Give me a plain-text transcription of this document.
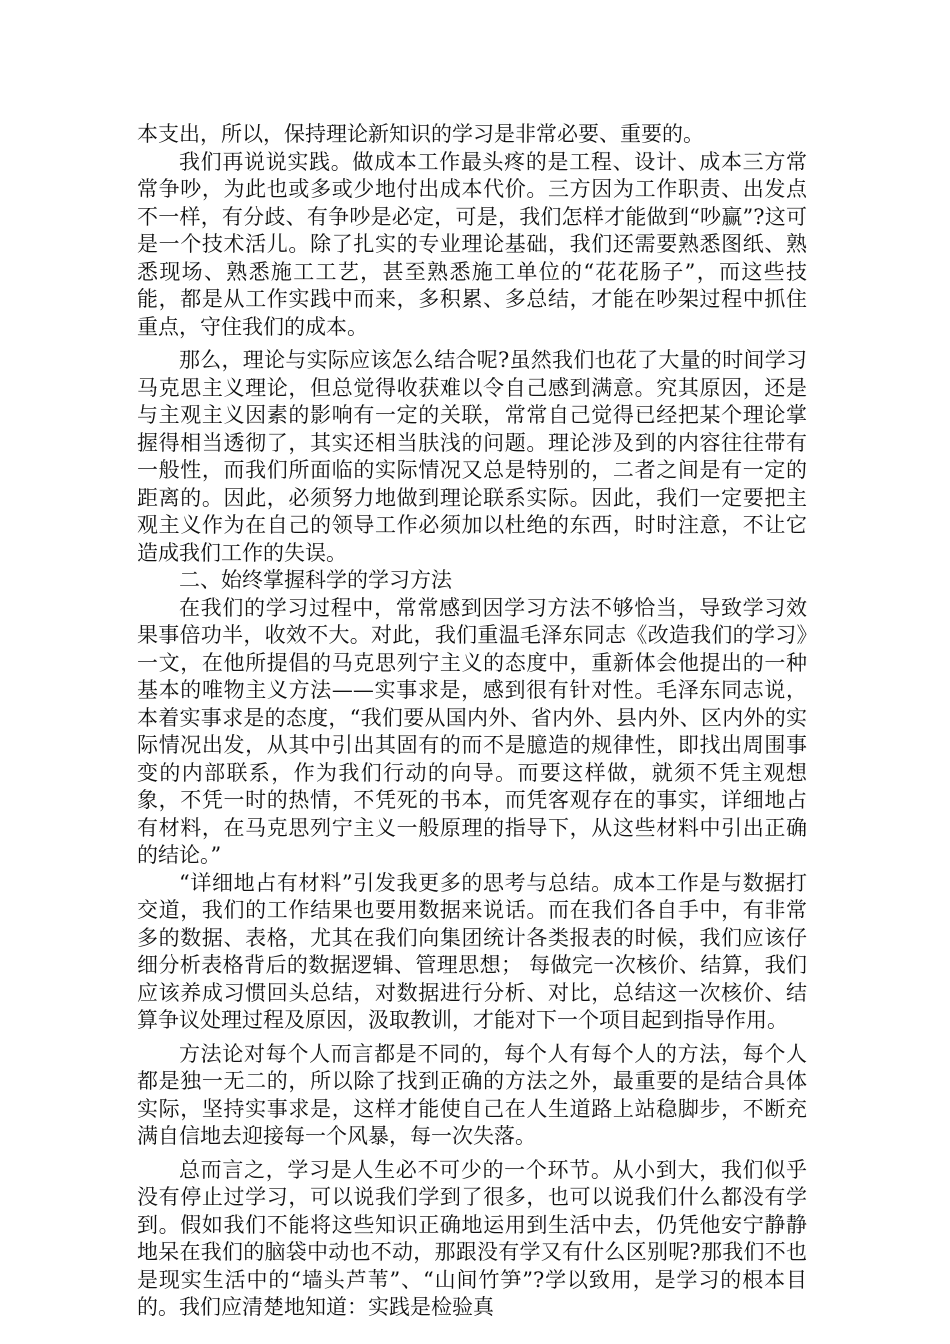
本支出，所以，保持理论新知识的学习是非常必要、重要的。

我们再说说实践。做成本工作最头疼的是工程、设计、成本三方常常争吵，为此也或多或少地付出成本代价。三方因为工作职责、出发点不一样，有分歧、有争吵是必定，可是，我们怎样才能做到“吵赢”?这可是一个技术活儿。除了扎实的专业理论基础，我们还需要熟悉图纸、熟悉现场、熟悉施工工艺，甚至熟悉施工单位的“花花肠子”，而这些技能，都是从工作实践中而来，多积累、多总结，才能在吵架过程中抓住重点，守住我们的成本。

那么，理论与实际应该怎么结合呢?虽然我们也花了大量的时间学习马克思主义理论，但总觉得收获难以令自己感到满意。究其原因，还是与主观主义因素的影响有一定的关联，常常自己觉得已经把某个理论掌握得相当透彻了，其实还相当肤浅的问题。理论涉及到的内容往往带有一般性，而我们所面临的实际情况又总是特别的，二者之间是有一定的距离的。因此，必须努力地做到理论联系实际。因此，我们一定要把主观主义作为在自己的领导工作必须加以杜绝的东西，时时注意，不让它造成我们工作的失误。

二、始终掌握科学的学习方法

在我们的学习过程中，常常感到因学习方法不够恰当，导致学习效果事倍功半，收效不大。对此，我们重温毛泽东同志《改造我们的学习》一文，在他所提倡的马克思列宁主义的态度中，重新体会他提出的一种基本的唯物主义方法——实事求是，感到很有针对性。毛泽东同志说，本着实事求是的态度，“我们要从国内外、省内外、县内外、区内外的实际情况出发，从其中引出其固有的而不是臆造的规律性，即找出周围事变的内部联系，作为我们行动的向导。而要这样做，就须不凭主观想象，不凭一时的热情，不凭死的书本，而凭客观存在的事实，详细地占有材料，在马克思列宁主义一般原理的指导下，从这些材料中引出正确的结论。”

“详细地占有材料”引发我更多的思考与总结。成本工作是与数据打交道，我们的工作结果也要用数据来说话。而在我们各自手中，有非常多的数据、表格，尤其在我们向集团统计各类报表的时候，我们应该仔细分析表格背后的数据逻辑、管理思想； 每做完一次核价、结算，我们应该养成习惯回头总结，对数据进行分析、对比，总结这一次核价、结算争议处理过程及原因，汲取教训，才能对下一个项目起到指导作用。

方法论对每个人而言都是不同的，每个人有每个人的方法，每个人都是独一无二的，所以除了找到正确的方法之外，最重要的是结合具体实际，坚持实事求是，这样才能使自己在人生道路上站稳脚步，不断充满自信地去迎接每一个风暴，每一次失落。

总而言之，学习是人生必不可少的一个环节。从小到大，我们似乎没有停止过学习，可以说我们学到了很多，也可以说我们什么都没有学到。假如我们不能将这些知识正确地运用到生活中去，仍凭他安宁静静地呆在我们的脑袋中动也不动，那跟没有学又有什么区别呢?那我们不也是现实生活中的“墙头芦苇”、“山间竹笋”?学以致用，是学习的根本目的。我们应清楚地知道：实践是检验真
